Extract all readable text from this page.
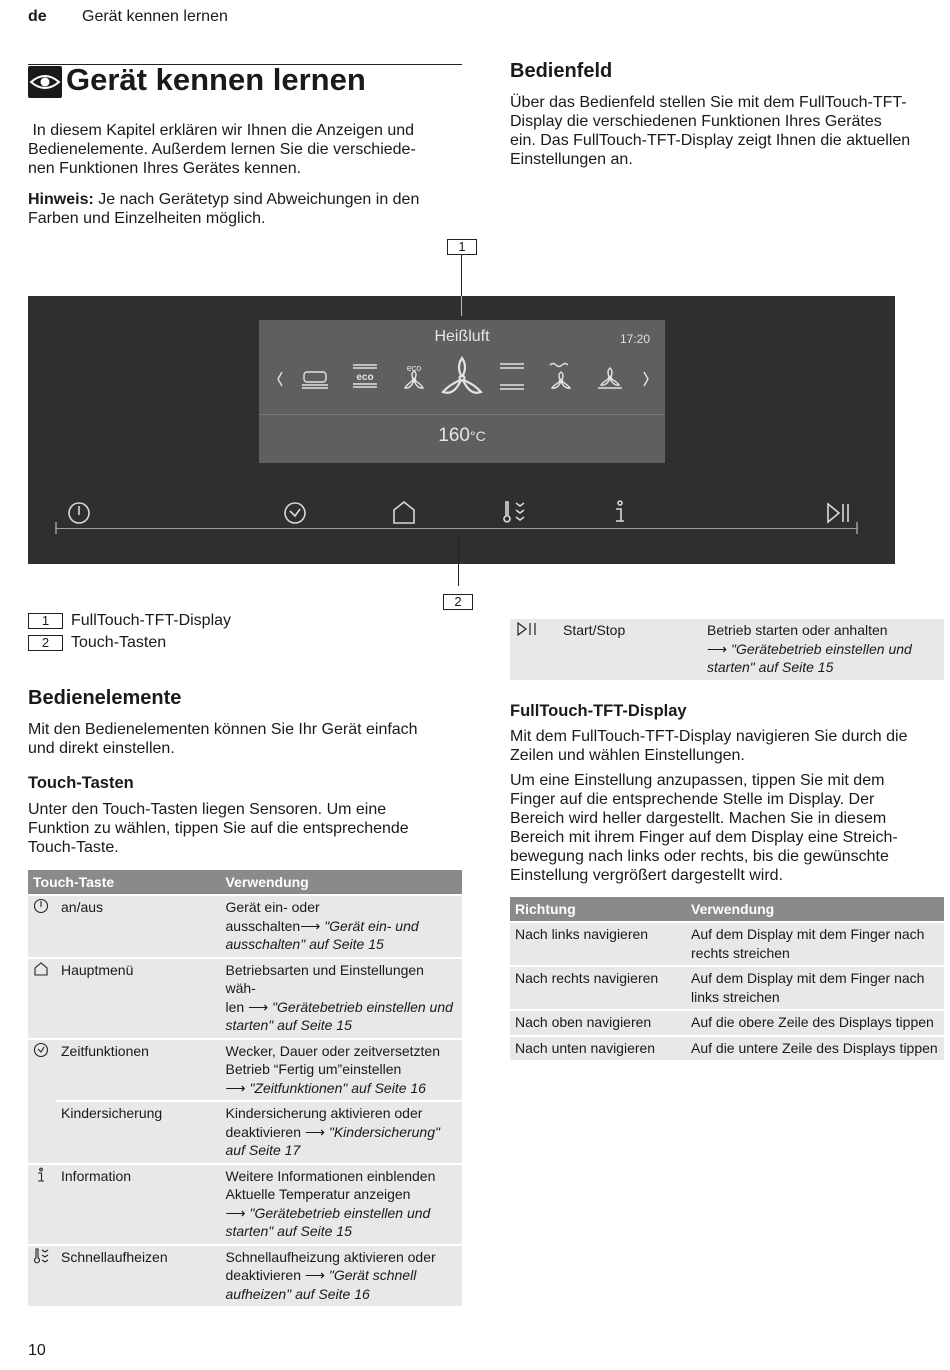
de Gerät kennen lernen
Gerät kennen lernen
In diesem Kapitel erklären wir Ihnen die Anzeigen und
Bedienelemente. Außerdem lernen Sie die verschiede-
nen Funktionen Ihres Gerätes kennen.
Hinweis: Je nach Gerätetyp sind Abweichungen in den
Farben und Einzelheiten möglich.
Bedienfeld
Über das Bedienfeld stellen Sie mit dem FullTouch-TFT-
Display die verschiedenen Funktionen Ihres Gerätes
ein. Das FullTouch-TFT-Display zeigt Ihnen die aktuellen
Einstellungen an.
1
Heißluft	17:20
160°C
eco
eco
2
1	FullTouch-TFT-Display
2	Touch-Tasten
Bedienelemente
Mit den Bedienelementen können Sie Ihr Gerät einfach
und direkt einstellen.
Touch-Tasten
Unter den Touch-Tasten liegen Sensoren. Um eine
Funktion zu wählen, tippen Sie auf die entsprechende
Touch-Taste.
Touch-Taste		Verwendung
	an/aus	Gerät ein- oder
ausschalten⟶ "Gerät ein- und
ausschalten" auf Seite 15

	Hauptmenü	Betriebsarten und Einstellungen wäh-
len ⟶ "Gerätebetrieb einstellen und
starten" auf Seite 15

	Zeitfunktionen	Wecker, Dauer oder zeitversetzten
Betrieb “Fertig um”einstellen
⟶ "Zeitfunktionen" auf Seite 16

	Kindersicherung	Kindersicherung aktivieren oder
deaktivieren ⟶ "Kindersicherung"
auf Seite 17

	Information	Weitere Informationen einblenden
Aktuelle Temperatur anzeigen
⟶ "Gerätebetrieb einstellen und
starten" auf Seite 15

	Schnellaufheizen	Schnellaufheizung aktivieren oder
deaktivieren ⟶ "Gerät schnell
aufheizen" auf Seite 16
	Start/Stop	Betrieb starten oder anhalten
⟶ "Gerätebetrieb einstellen und
starten" auf Seite 15
FullTouch-TFT-Display
Mit dem FullTouch-TFT-Display navigieren Sie durch die
Zeilen und wählen Einstellungen.
Um eine Einstellung anzupassen, tippen Sie mit dem
Finger auf die entsprechende Stelle im Display. Der
Bereich wird heller dargestellt. Machen Sie in diesem
Bereich mit ihrem Finger auf dem Display eine Streich-
bewegung nach links oder rechts, bis die gewünschte
Einstellung vergrößert dargestellt wird.
Richtung	Verwendung
Nach links navigieren	Auf dem Display mit dem Finger nach
rechts streichen

Nach rechts navigieren	Auf dem Display mit dem Finger nach
links streichen

Nach oben navigieren	Auf die obere Zeile des Displays tippen

Nach unten navigieren	Auf die untere Zeile des Displays tippen
10
